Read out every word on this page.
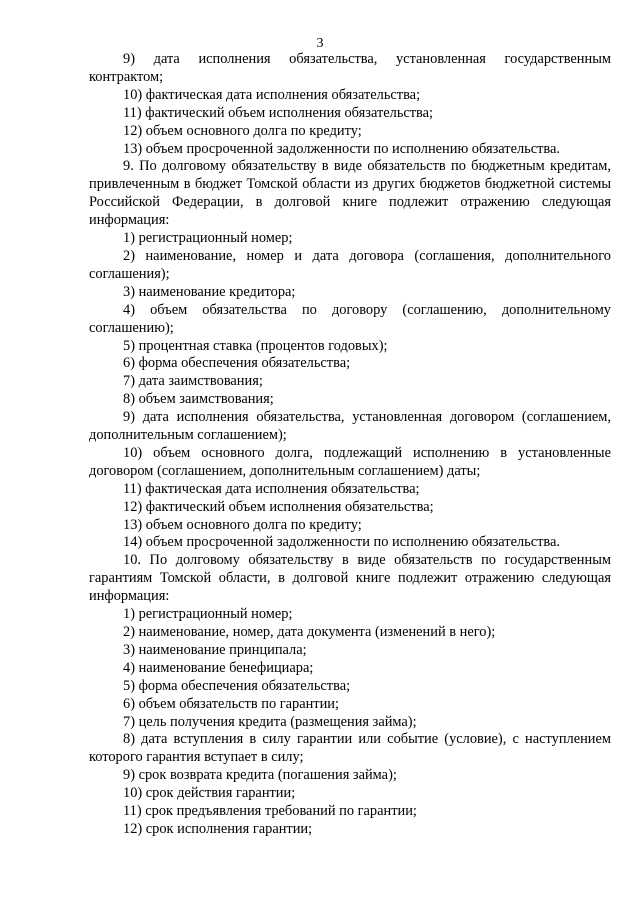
3

9) дата исполнения обязательства, установленная государственным контрактом;

10) фактическая дата исполнения обязательства;

11) фактический объем исполнения обязательства;

12) объем основного долга по кредиту;

13) объем просроченной задолженности по исполнению обязательства.

9. По долговому обязательству в виде обязательств по бюджетным кредитам, привлеченным в бюджет Томской области из других бюджетов бюджетной системы Российской Федерации, в долговой книге подлежит отражению следующая информация:

1) регистрационный номер;

2) наименование, номер и дата договора (соглашения, дополнительного соглашения);

3) наименование кредитора;

4) объем обязательства по договору (соглашению, дополнительному соглашению);

5) процентная ставка (процентов годовых);

6) форма обеспечения обязательства;

7) дата заимствования;

8) объем заимствования;

9) дата исполнения обязательства, установленная договором (соглашением, дополнительным соглашением);

10) объем основного долга, подлежащий исполнению в установленные договором (соглашением, дополнительным соглашением) даты;

11) фактическая дата исполнения обязательства;

12) фактический объем исполнения обязательства;

13) объем основного долга по кредиту;

14) объем просроченной задолженности по исполнению обязательства.

10. По долговому обязательству в виде обязательств по государственным гарантиям Томской области, в долговой книге подлежит отражению следующая информация:

1) регистрационный номер;

2) наименование, номер, дата документа (изменений в него);

3) наименование принципала;

4) наименование бенефициара;

5) форма обеспечения обязательства;

6) объем обязательств по гарантии;

7) цель получения кредита (размещения займа);

8) дата вступления в силу гарантии или событие (условие), с наступлением которого гарантия вступает в силу;

9) срок возврата кредита (погашения займа);

10) срок действия гарантии;

11) срок предъявления требований по гарантии;

12) срок исполнения гарантии;
